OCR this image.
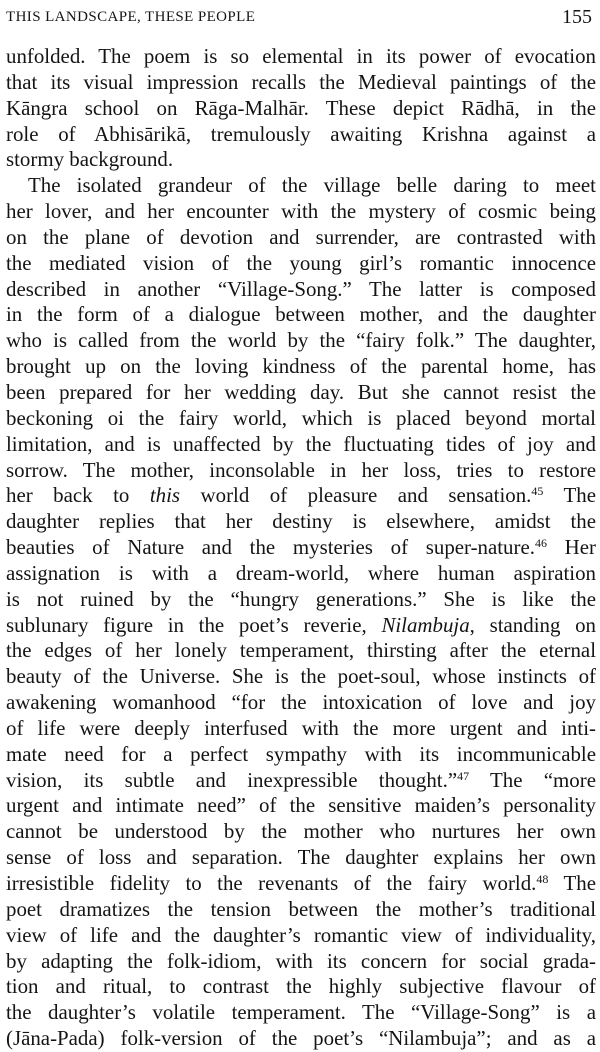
THIS LANDSCAPE, THESE PEOPLE	155
unfolded. The poem is so elemental in its power of evocation
that its visual impression recalls the Medieval paintings of the
Kāngra school on Rāga-Malhār. These depict Rādhā, in the
role of Abhisārikā, tremulously awaiting Krishna against a
stormy background.
The isolated grandeur of the village belle daring to meet
her lover, and her encounter with the mystery of cosmic being
on the plane of devotion and surrender, are contrasted with
the mediated vision of the young girl’s romantic innocence
described in another “Village-Song.” The latter is composed
in the form of a dialogue between mother, and the daughter
who is called from the world by the “fairy folk.” The daughter,
brought up on the loving kindness of the parental home, has
been prepared for her wedding day. But she cannot resist the
beckoning oi the fairy world, which is placed beyond mortal
limitation, and is unaffected by the fluctuating tides of joy and
sorrow. The mother, inconsolable in her loss, tries to restore
her back to this world of pleasure and sensation.$^{45}$ The
daughter replies that her destiny is elsewhere, amidst the
beauties of Nature and the mysteries of super-nature.$^{46}$ Her
assignation is with a dream-world, where human aspiration
is not ruined by the “hungry generations.” She is like the
sublunary figure in the poet’s reverie, Nilambuja, standing on
the edges of her lonely temperament, thirsting after the eternal
beauty of the Universe. She is the poet-soul, whose instincts of
awakening womanhood “for the intoxication of love and joy
of life were deeply interfused with the more urgent and inti-
mate need for a perfect sympathy with its incommunicable
vision, its subtle and inexpressible thought.”$^{47}$ The “more
urgent and intimate need” of the sensitive maiden’s personality
cannot be understood by the mother who nurtures her own
sense of loss and separation. The daughter explains her own
irresistible fidelity to the revenants of the fairy world.$^{48}$ The
poet dramatizes the tension between the mother’s traditional
view of life and the daughter’s romantic view of individuality,
by adapting the folk-idiom, with its concern for social grada-
tion and ritual, to contrast the highly subjective flavour of
the daughter’s volatile temperament. The “Village-Song” is a
(Jāna-Pada) folk-version of the poet’s “Nilambuja”; and as a
